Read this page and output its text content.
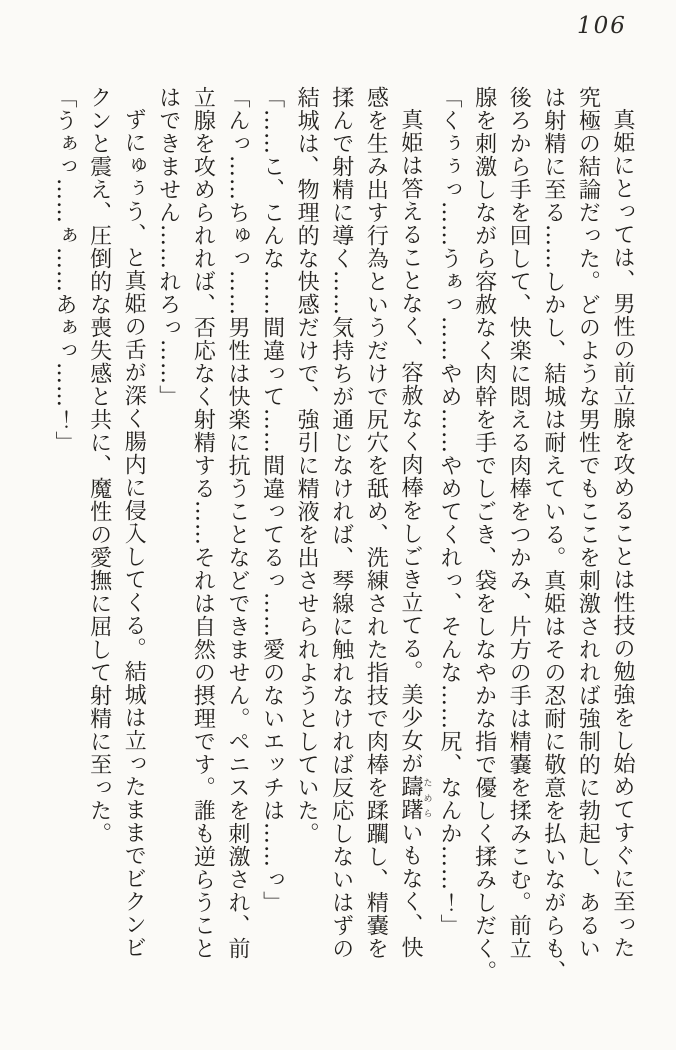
106
真姫にとっては、男性の前立腺を攻めることは性技の勉強をし始めてすぐに至った
究極の結論だった。どのような男性でもここを刺激されれば強制的に勃起し、あるい
は射精に至る……しかし、結城は耐えている。真姫はその忍耐に敬意を払いながらも、
後ろから手を回して、快楽に悶える肉棒をつかみ、片方の手は精嚢を揉みこむ。前立
腺を刺激しながら容赦なく肉幹を手でしごき、袋をしなやかな指で優しく揉みしだく。
「くぅぅっ……うぁっ……やめ……やめてくれっ、そんな……尻、なんか……！」
真姫は答えることなく、容赦なく肉棒をしごき立てる。美少女が躊躇ためらいもなく、快
感を生み出す行為というだけで尻穴を舐め、洗練された指技で肉棒を蹂躙し、精嚢を
揉んで射精に導く……気持ちが通じなければ、琴線に触れなければ反応しないはずの
結城は、物理的な快感だけで、強引に精液を出させられようとしていた。
「……こ、こんな……間違って……間違ってるっ……愛のないエッチは……っ」
「んっ……ちゅっ……男性は快楽に抗うことなどできません。ペニスを刺激され、前
立腺を攻められれば、否応なく射精する……それは自然の摂理です。誰も逆らうこと
はできません……れろっ……」
ずにゅぅう、と真姫の舌が深く腸内に侵入してくる。結城は立ったままでビクンビ
クンと震え、圧倒的な喪失感と共に、魔性の愛撫に屈して射精に至った。
「うぁっ……ぁ……あぁっ……！」
